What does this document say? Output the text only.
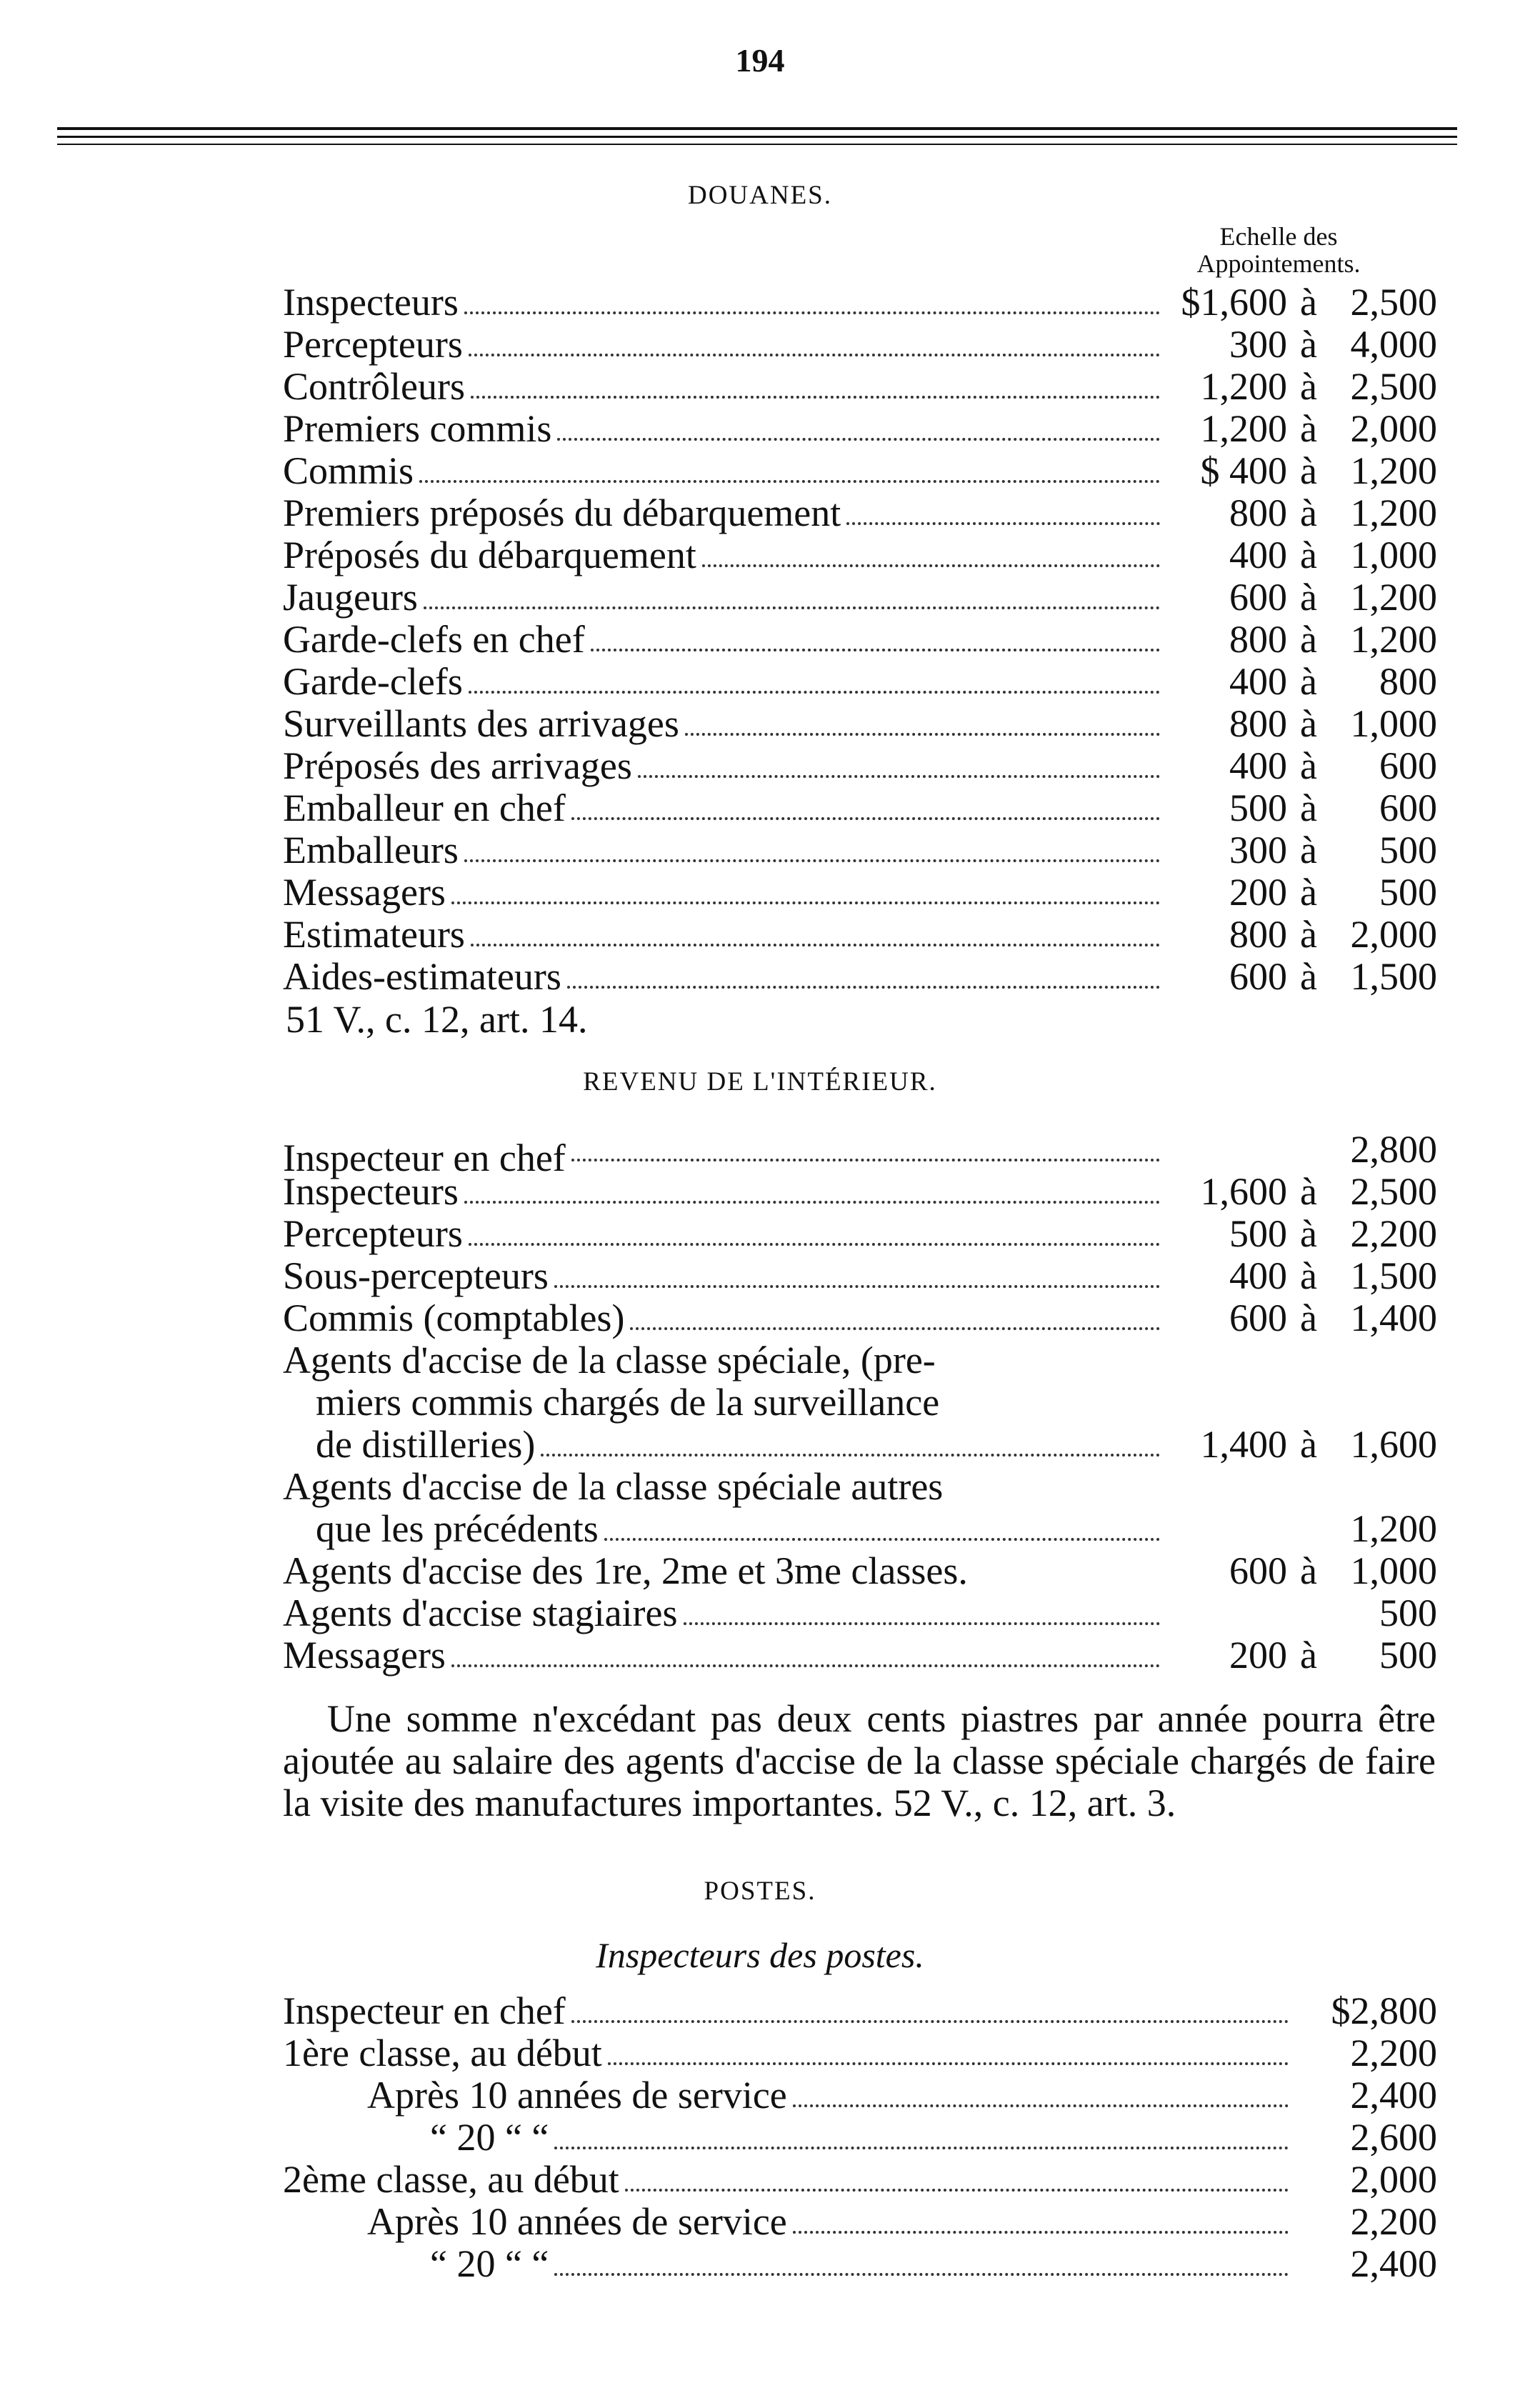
194
DOUANES.
Echelle des
Appointements.
Inspecteurs	$1,600 à 2,500
Percepteurs	300 à 4,000
Contrôleurs	1,200 à 2,500
Premiers commis	1,200 à 2,000
Commis	$ 400 à 1,200
Premiers préposés du débarquement	800 à 1,200
Préposés du débarquement	400 à 1,000
Jaugeurs	600 à 1,200
Garde-clefs en chef	800 à 1,200
Garde-clefs	400 à	800
Surveillants des arrivages	800 à 1,000
Préposés des arrivages	400 à	600
Emballeur en chef	500 à	600
Emballeurs	300 à	500
Messagers	200 à	500
Estimateurs	800 à 2,000
Aides-estimateurs	600 à 1,500
51 V., c. 12, art. 14.
REVENU DE L'INTÉRIEUR.
Inspecteur en chef	2,800
Inspecteurs	1,600 à 2,500
Percepteurs	500 à 2,200
Sous-percepteurs	400 à 1,500
Commis (comptables)	600 à 1,400
Agents d'accise de la classe spéciale, (pre-
miers commis chargés de la surveillance
de distilleries)	1,400 à 1,600
Agents d'accise de la classe spéciale autres
que les précédents	1,200
Agents d'accise des 1re, 2me et 3me classes.	600 à 1,000
Agents d'accise stagiaires	500
Messagers	200 à	500
Une somme n'excédant pas deux cents piastres par année pourra être ajoutée au salaire des agents d'accise de la classe spéciale chargés de faire la visite des manufactures importantes. 52 V., c. 12, art. 3.
POSTES.
Inspecteurs des postes.
Inspecteur en chef	$2,800
1ère classe, au début	2,200
Après 10 années de service	2,400
“ 20 “ “	2,600
2ème classe, au début	2,000
Après 10 années de service	2,200
“ 20 “ “	2,400
